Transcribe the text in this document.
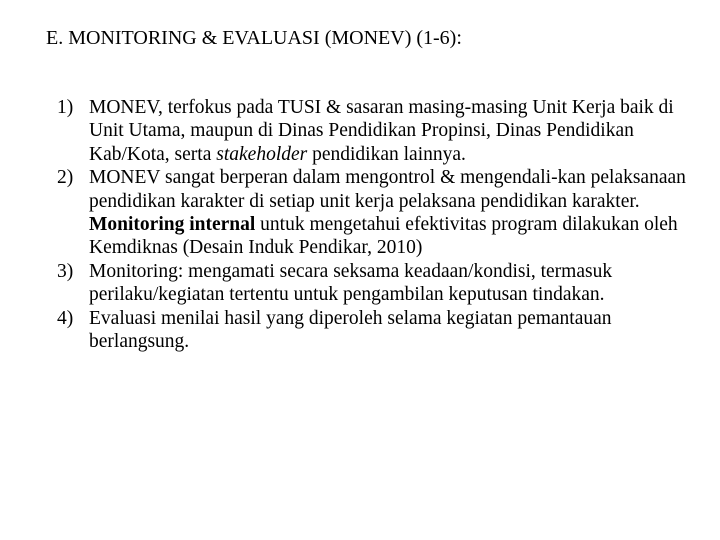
E. MONITORING & EVALUASI (MONEV) (1-6):
1) MONEV, terfokus pada TUSI & sasaran masing-masing Unit Kerja baik di Unit Utama, maupun di Dinas Pendidikan Propinsi, Dinas Pendidikan Kab/Kota, serta stakeholder pendidikan lainnya.
2) MONEV sangat berperan dalam mengontrol & mengendali-kan pelaksanaan pendidikan karakter di setiap unit kerja pelaksana pendidikan karakter. Monitoring internal untuk mengetahui efektivitas program dilakukan oleh Kemdiknas (Desain Induk Pendikar, 2010)
3) Monitoring: mengamati secara seksama keadaan/kondisi, termasuk perilaku/kegiatan tertentu untuk pengambilan keputusan tindakan.
4) Evaluasi menilai hasil yang diperoleh selama kegiatan pemantauan berlangsung.
